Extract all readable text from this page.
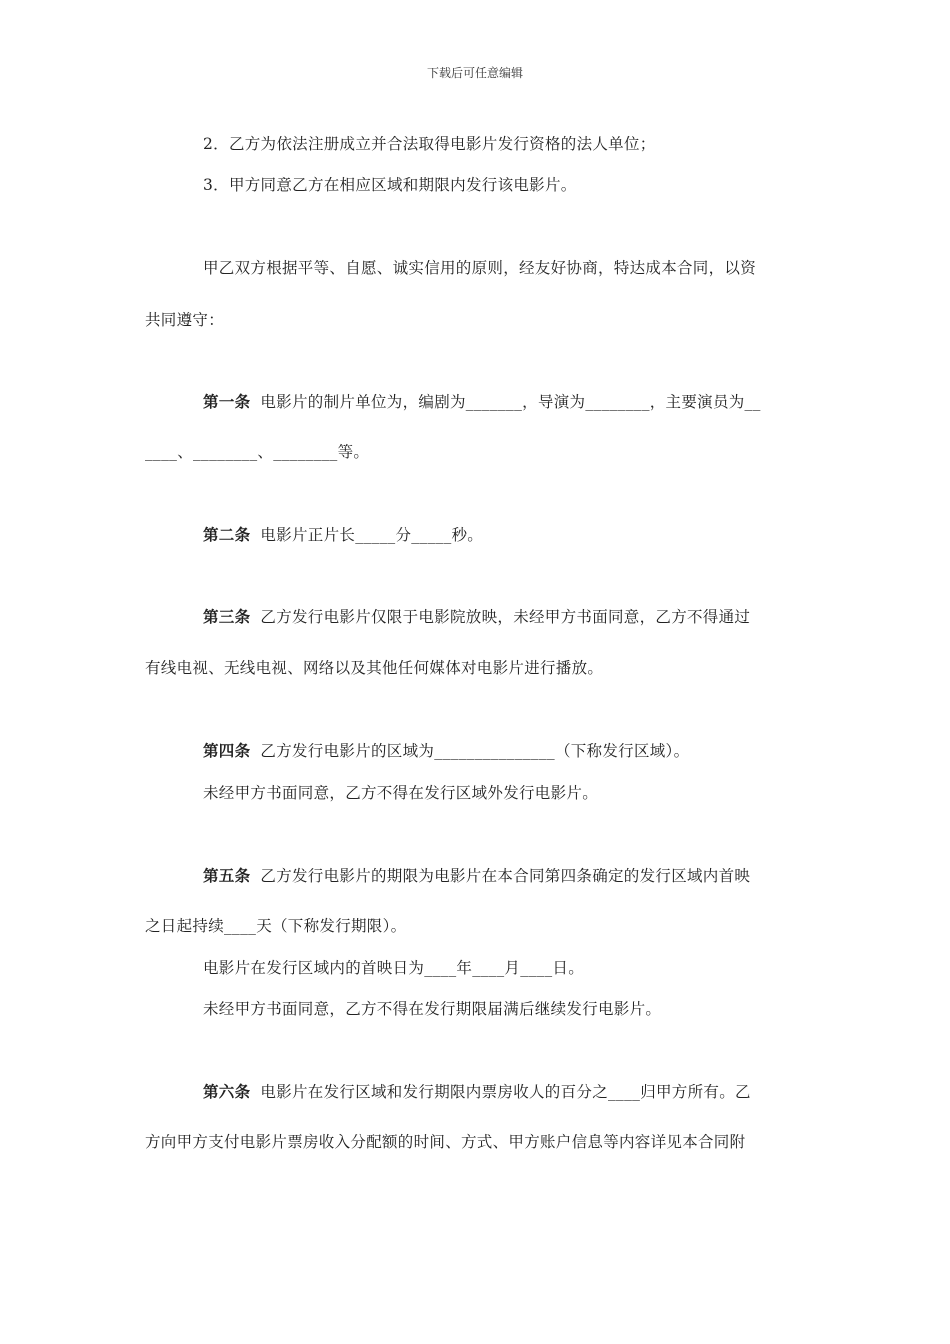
下载后可任意编辑
2．乙方为依法注册成立并合法取得电影片发行资格的法人单位；
3．甲方同意乙方在相应区域和期限内发行该电影片。
甲乙双方根据平等、自愿、诚实信用的原则，经友好协商，特达成本合同，以资
共同遵守：
第一条 电影片的制片单位为，编剧为_______，导演为________，主要演员为__
____、________、________等。
第二条 电影片正片长_____分_____秒。
第三条 乙方发行电影片仅限于电影院放映，未经甲方书面同意，乙方不得通过
有线电视、无线电视、网络以及其他任何媒体对电影片进行播放。
第四条 乙方发行电影片的区域为_______________（下称发行区域）。
未经甲方书面同意，乙方不得在发行区域外发行电影片。
第五条 乙方发行电影片的期限为电影片在本合同第四条确定的发行区域内首映
之日起持续____天（下称发行期限）。
电影片在发行区域内的首映日为____年____月____日。
未经甲方书面同意，乙方不得在发行期限届满后继续发行电影片。
第六条 电影片在发行区域和发行期限内票房收人的百分之____归甲方所有。乙
方向甲方支付电影片票房收入分配额的时间、方式、甲方账户信息等内容详见本合同附
